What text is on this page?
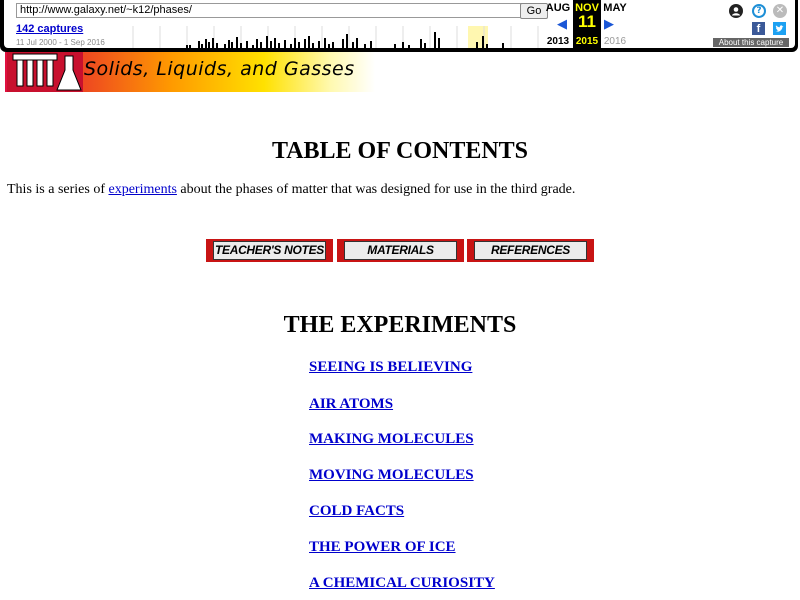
http://www.galaxy.net/~k12/phases/	Go
142 captures
11 Jul 2000 - 1 Sep 2016
AUG
◀
2013
NOV
11
2015
MAY
▶
2016
?	✕
f
About this capture
Solids, Liquids, and Gasses
TABLE OF CONTENTS

This is a series of experiments about the phases of matter that was designed for use in the third grade.

TEACHER'S NOTES	MATERIALS	REFERENCES
THE EXPERIMENTS
SEEING IS BELIEVING
AIR ATOMS
MAKING MOLECULES
MOVING MOLECULES
COLD FACTS
THE POWER OF ICE
A CHEMICAL CURIOSITY
